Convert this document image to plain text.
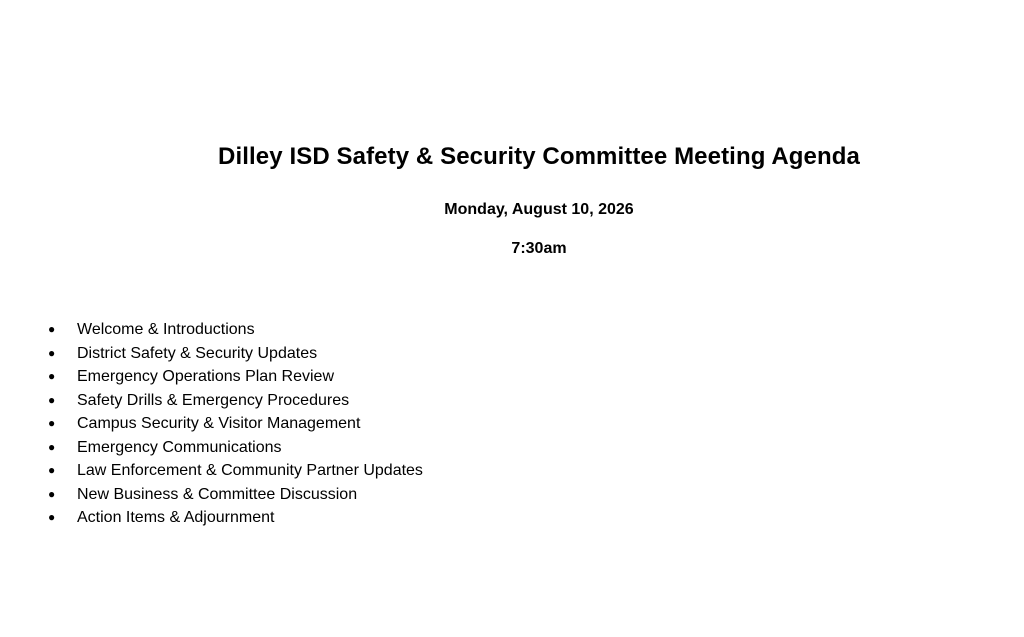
Dilley ISD Safety & Security Committee Meeting Agenda
Monday, August 10, 2026
7:30am
● Welcome & Introductions
● District Safety & Security Updates
● Emergency Operations Plan Review
● Safety Drills & Emergency Procedures
● Campus Security & Visitor Management
● Emergency Communications
● Law Enforcement & Community Partner Updates
● New Business & Committee Discussion
● Action Items & Adjournment
